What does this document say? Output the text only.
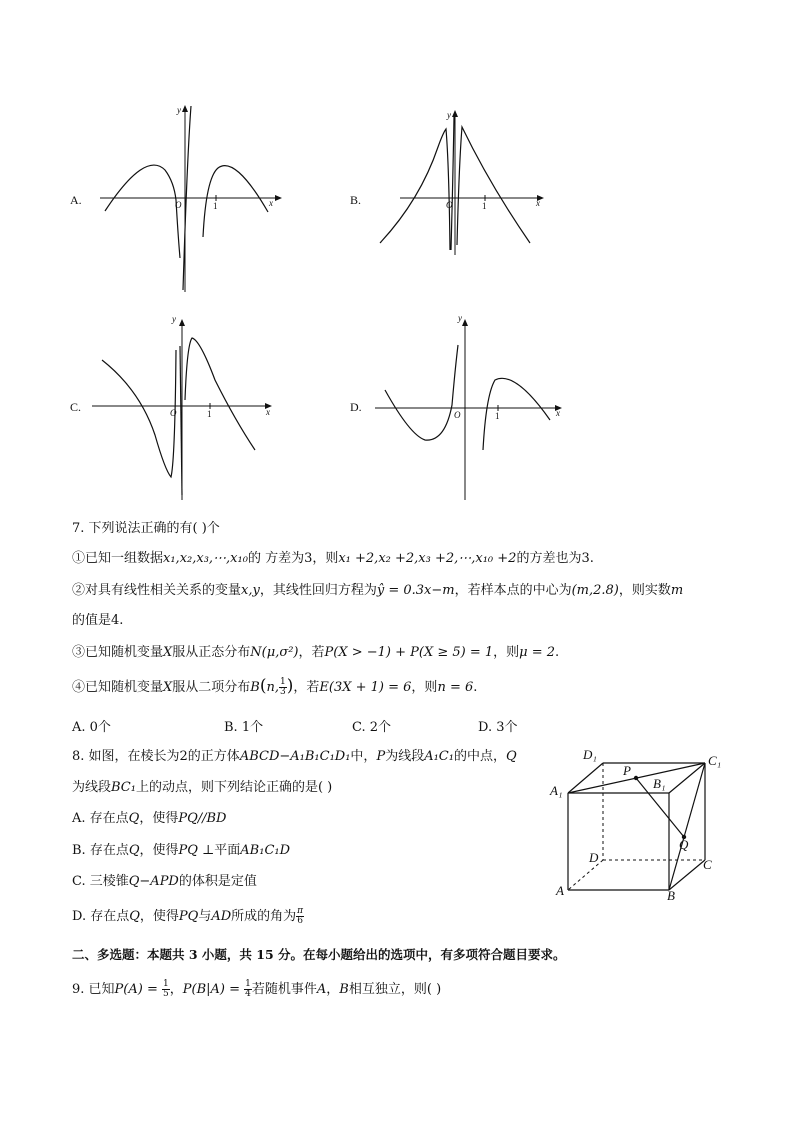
A.
y
x
O	1	B.
y
x
O	1
C.
y
x
O	1	D.
y
x
O	1
7. 下列说法正确的有( )个
①已知一组数据x₁,x₂,x₃,⋯,x₁₀的 方差为3，则x₁ +2,x₂ +2,x₃ +2,⋯,x₁₀ +2的方差也为3.
②对具有线性相关关系的变量x,y，其线性回归方程为ŷ = 0.3x−m，若样本点的中心为(m,2.8)，则实数m
的值是4.
③已知随机变量X服从正态分布N(μ,σ²)，若P(X > −1) + P(X ≥ 5) = 1，则μ = 2.
④已知随机变量X服从二项分布B(n, $\frac{1}{3}$ )，若E(3X + 1) = 6，则n = 6.
A. 0个	B. 1个	C. 2个	D. 3个
8. 如图，在棱长为2的正方体ABCD−A₁B₁C₁D₁中，P为线段A₁C₁的中点，Q
为线段BC₁上的动点，则下列结论正确的是( )
A. 存在点Q，使得PQ//BD
B. 存在点Q，使得PQ ⊥平面AB₁C₁D
C. 三棱锥Q−APD的体积是定值
D. 存在点Q，使得PQ与AD所成的角为 $\frac{\pi}{6}$
D₁	C₁
P
B₁
A₁
Q
D	C
A	B
二、多选题：本题共 3 小题，共 15 分。在每小题给出的选项中，有多项符合题目要求。
9. 已知$P(A) = \frac{1}{5}$ ，$P(B|A) = \frac{1}{4}$ 若随机事件A，B相互独立，则( )
